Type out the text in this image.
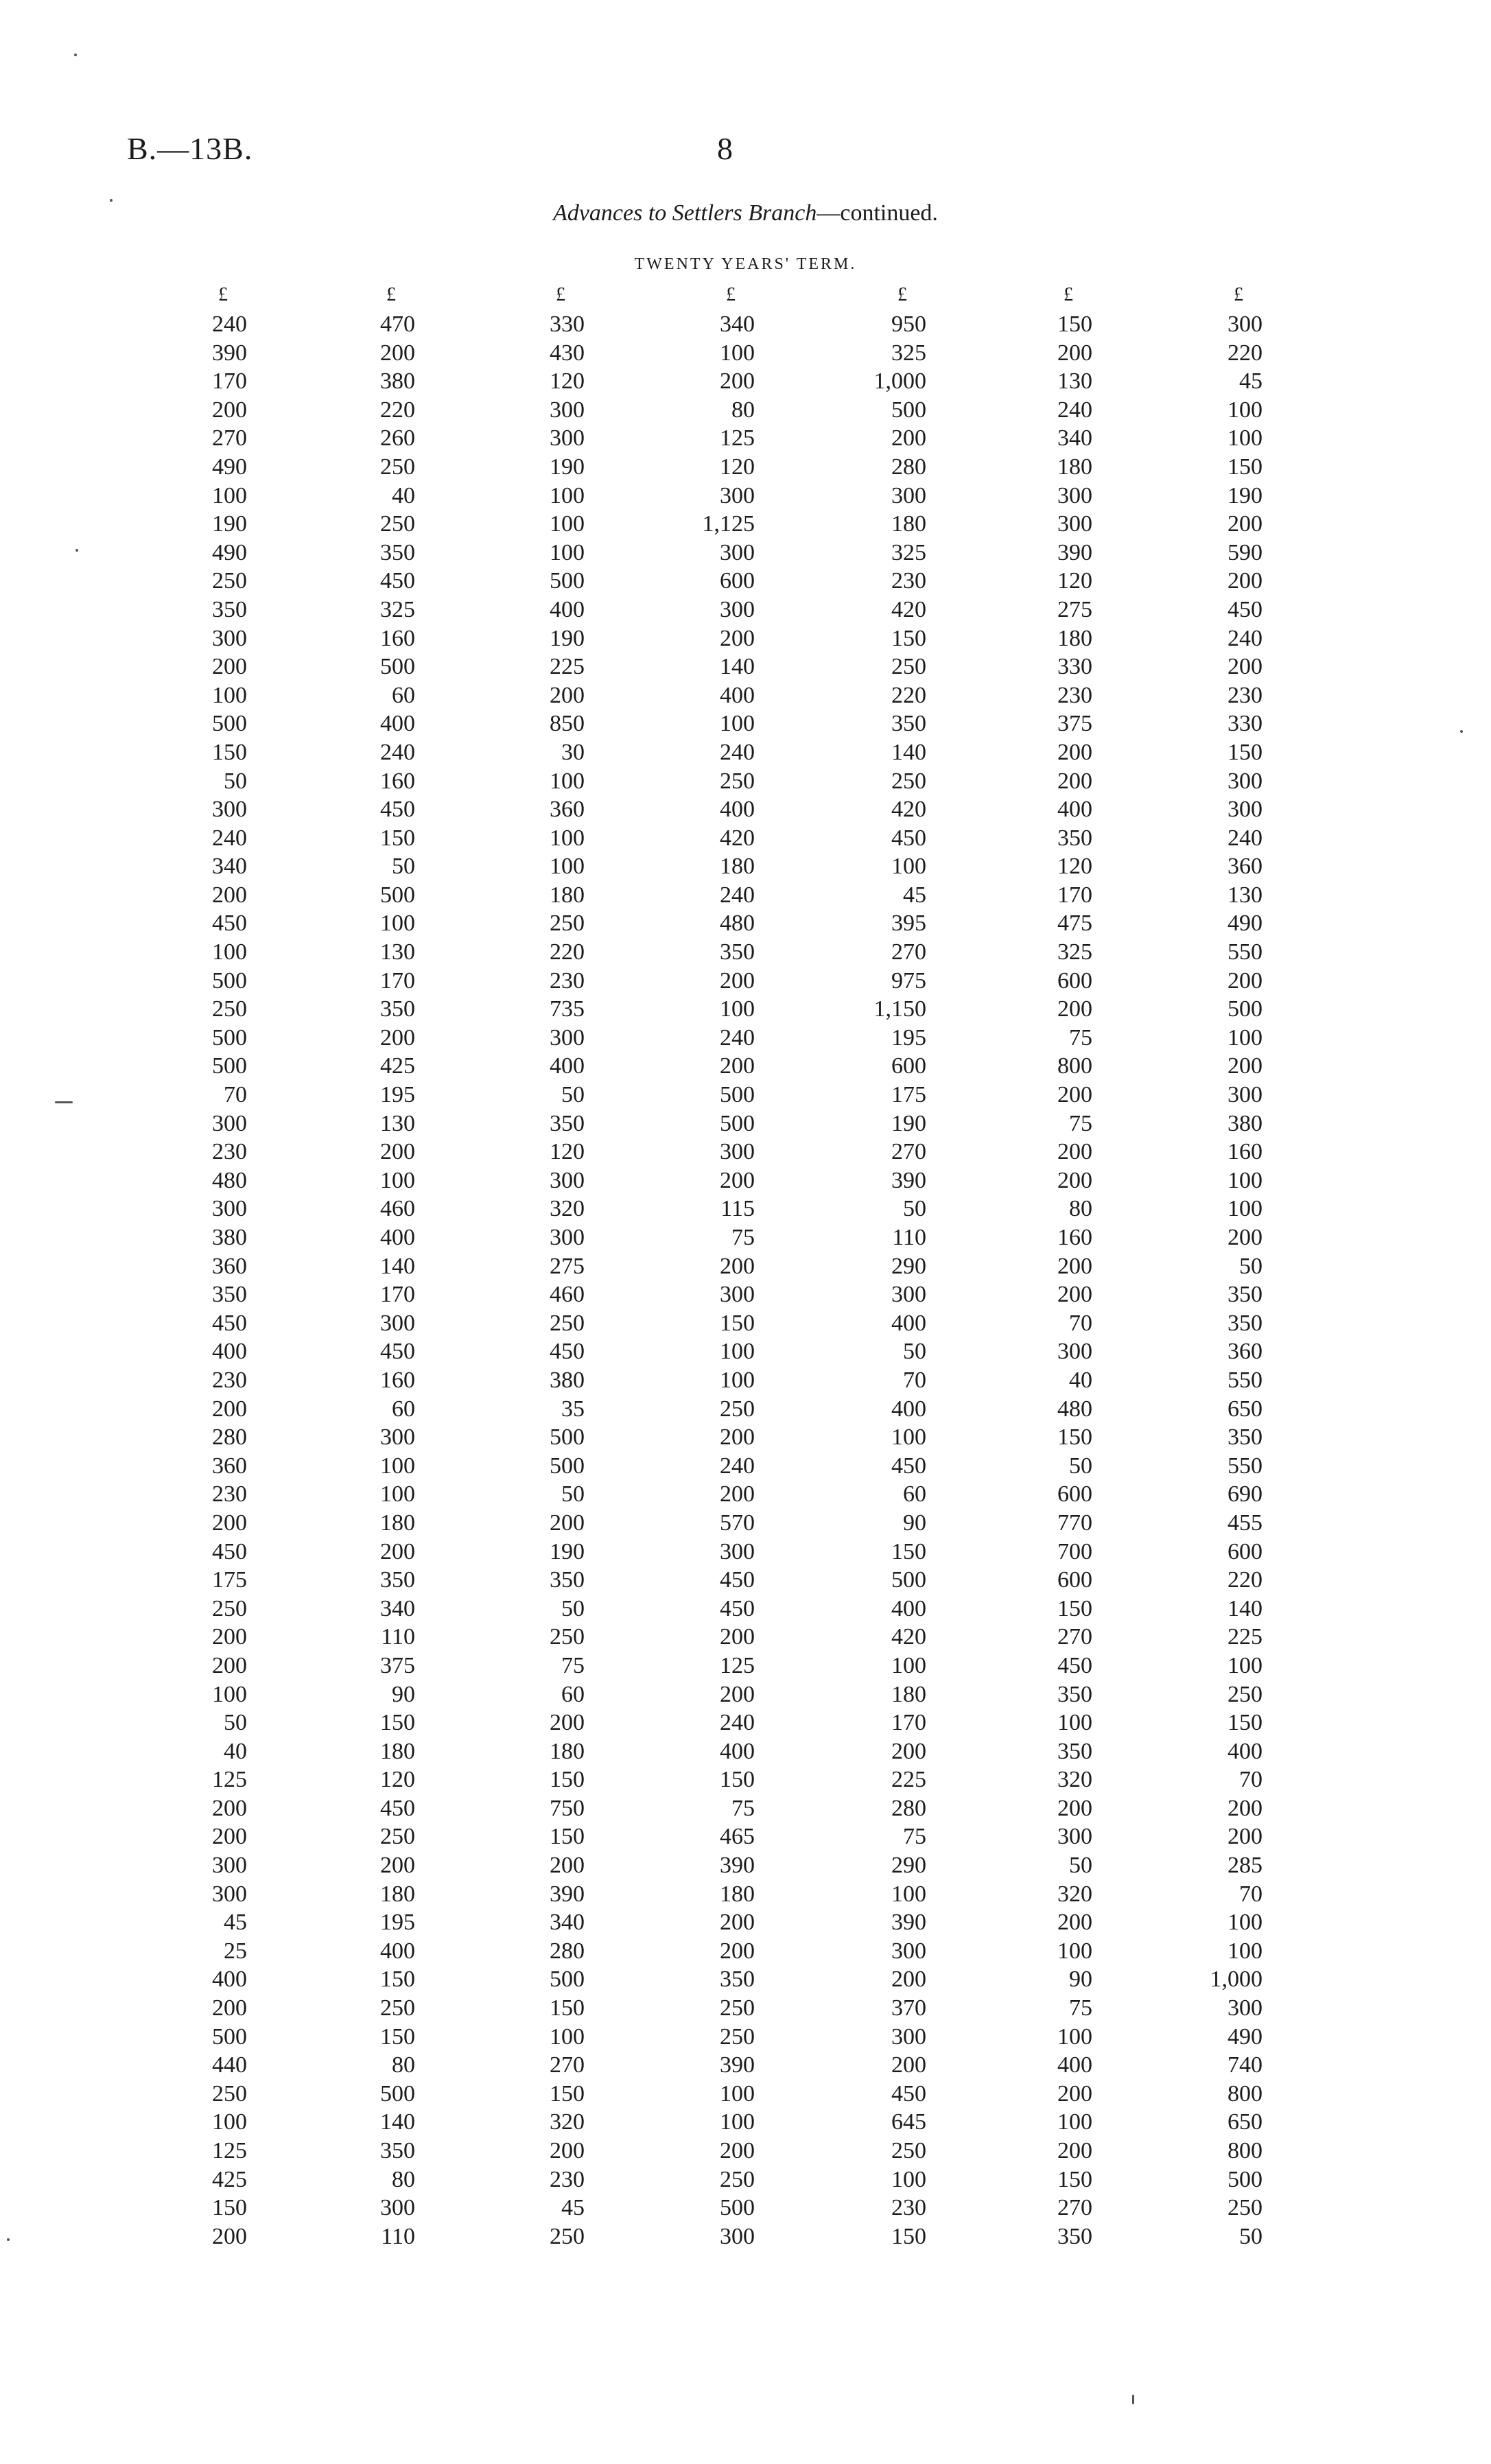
B.—13B.	8
Advances to Settlers Branch—continued.
TWENTY YEARS' TERM.
£
240
390
170
200
270
490
100
190
490
250
350
300
200
100
500
150
50
300
240
340
200
450
100
500
250
500
500
70
300
230
480
300
380
360
350
450
400
230
200
280
360
230
200
450
175
250
200
200
100
50
40
125
200
200
300
300
45
25
400
200
500
440
250
100
125
425
150
200
£
470
200
380
220
260
250
40
250
350
450
325
160
500
60
400
240
160
450
150
50
500
100
130
170
350
200
425
195
130
200
100
460
400
140
170
300
450
160
60
300
100
100
180
200
350
340
110
375
90
150
180
120
450
250
200
180
195
400
150
250
150
80
500
140
350
80
300
110
£
330
430
120
300
300
190
100
100
100
500
400
190
225
200
850
30
100
360
100
100
180
250
220
230
735
300
400
50
350
120
300
320
300
275
460
250
450
380
35
500
500
50
200
190
350
50
250
75
60
200
180
150
750
150
200
390
340
280
500
150
100
270
150
320
200
230
45
250
£
340
100
200
80
125
120
300
1,125
300
600
300
200
140
400
100
240
250
400
420
180
240
480
350
200
100
240
200
500
500
300
200
115
75
200
300
150
100
100
250
200
240
200
570
300
450
450
200
125
200
240
400
150
75
465
390
180
200
200
350
250
250
390
100
100
200
250
500
300
£
950
325
1,000
500
200
280
300
180
325
230
420
150
250
220
350
140
250
420
450
100
45
395
270
975
1,150
195
600
175
190
270
390
50
110
290
300
400
50
70
400
100
450
60
90
150
500
400
420
100
180
170
200
225
280
75
290
100
390
300
200
370
300
200
450
645
250
100
230
150
£
150
200
130
240
340
180
300
300
390
120
275
180
330
230
375
200
200
400
350
120
170
475
325
600
200
75
800
200
75
200
200
80
160
200
200
70
300
40
480
150
50
600
770
700
600
150
270
450
350
100
350
320
200
300
50
320
200
100
90
75
100
400
200
100
200
150
270
350
£
300
220
45
100
100
150
190
200
590
200
450
240
200
230
330
150
300
300
240
360
130
490
550
200
500
100
200
300
380
160
100
100
200
50
350
350
360
550
650
350
550
690
455
600
220
140
225
100
250
150
400
70
200
200
285
70
100
100
1,000
300
490
740
800
650
800
500
250
50
